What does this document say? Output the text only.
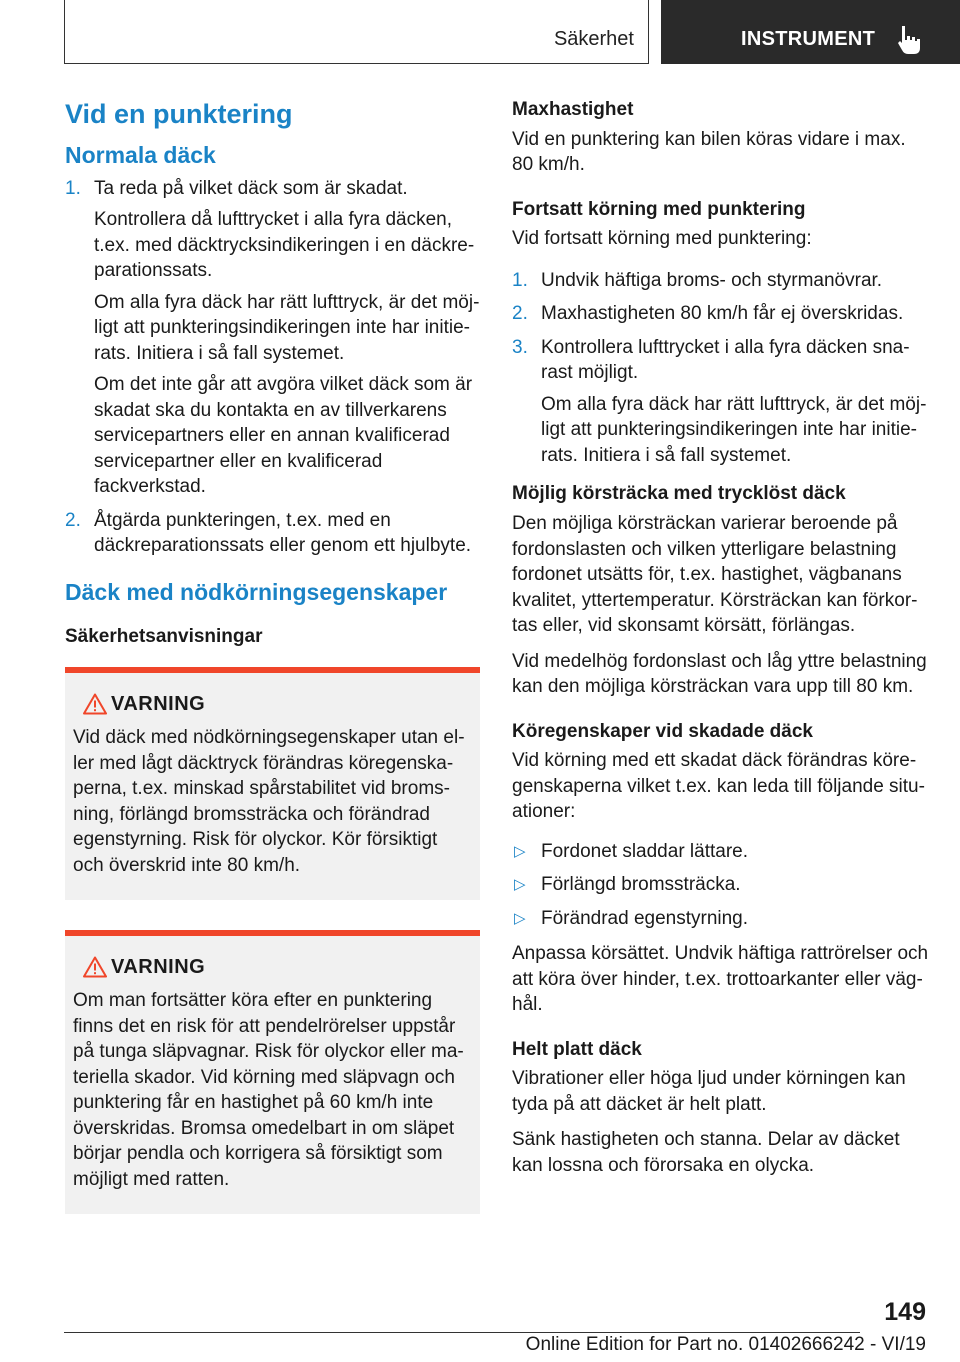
Säkerhet	INSTRUMENT
Vid en punktering
Normala däck
1. Ta reda på vilket däck som är skadat.
Kontrollera då lufttrycket i alla fyra däcken, t.ex. med däcktrycksindikeringen i en däckreparationssats.
Om alla fyra däck har rätt lufttryck, är det möjligt att punkteringsindikeringen inte har initierats. Initiera i så fall systemet.
Om det inte går att avgöra vilket däck som är skadat ska du kontakta en av tillverkarens servicepartners eller en annan kvalificerad servicepartner eller en kvalificerad fackverkstad.
2. Åtgärda punkteringen, t.ex. med en däckreparationssats eller genom ett hjulbyte.
Däck med nödkörningsegenskaper
Säkerhetsanvisningar
VARNING

Vid däck med nödkörningsegenskaper utan eller med lågt däcktryck förändras köregenskaperna, t.ex. minskad spårstabilitet vid bromsning, förlängd bromssträcka och förändrad egenstyrning. Risk för olyckor. Kör försiktigt och överskrid inte 80 km/h.

VARNING

Om man fortsätter köra efter en punktering finns det en risk för att pendelrörelser uppstår på tunga släpvagnar. Risk för olyckor eller materiella skador. Vid körning med släpvagn och punktering får en hastighet på 60 km/h inte överskridas. Bromsa omedelbart in om släpet börjar pendla och korrigera så försiktigt som möjligt med ratten.

Maxhastighet

Vid en punktering kan bilen köras vidare i max. 80 km/h.

Fortsatt körning med punktering

Vid fortsatt körning med punktering:

1. Undvik häftiga broms- och styrmanövrar.
2. Maxhastigheten 80 km/h får ej överskridas.
3. Kontrollera lufttrycket i alla fyra däcken snarast möjligt.
Om alla fyra däck har rätt lufttryck, är det möjligt att punkteringsindikeringen inte har initierats. Initiera i så fall systemet.
Möjlig körsträcka med trycklöst däck

Den möjliga körsträckan varierar beroende på fordonslasten och vilken ytterligare belastning fordonet utsätts för, t.ex. hastighet, vägbanans kvalitet, yttertemperatur. Körsträckan kan förkortas eller, vid skonsamt körsätt, förlängas.

Vid medelhög fordonslast och låg yttre belastning kan den möjliga körsträckan vara upp till 80 km.

Köregenskaper vid skadade däck

Vid körning med ett skadat däck förändras köregenskaperna vilket t.ex. kan leda till följande situationer:

▷ Fordonet sladdar lättare.
▷ Förlängd bromssträcka.
▷ Förändrad egenstyrning.

Anpassa körsättet. Undvik häftiga rattrörelser och att köra över hinder, t.ex. trottoarkanter eller väghål.

Helt platt däck

Vibrationer eller höga ljud under körningen kan tyda på att däcket är helt platt.

Sänk hastigheten och stanna. Delar av däcket kan lossna och förorsaka en olycka.

149
Online Edition for Part no. 01402666242 - VI/19
